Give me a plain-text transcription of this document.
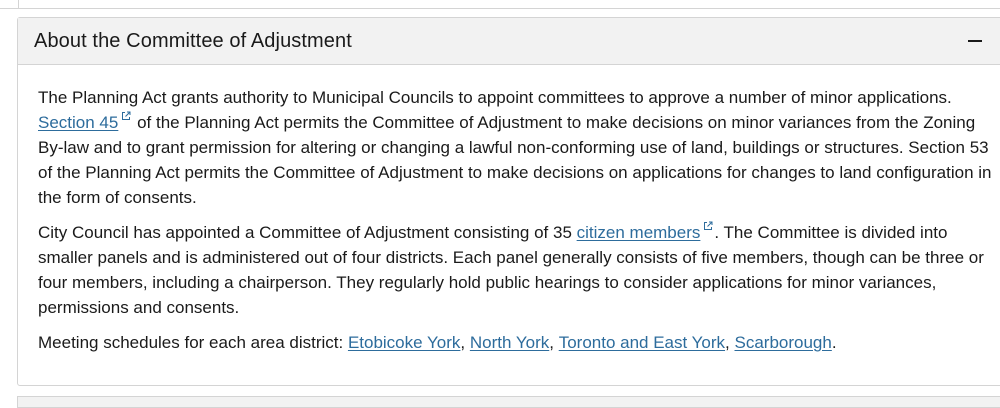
About the Committee of Adjustment

The Planning Act grants authority to Municipal Councils to appoint committees to approve a number of minor applications. Section 45
of the Planning Act permits the Committee of Adjustment to make decisions on minor variances from the Zoning By-law and to grant permission for altering or changing a lawful non-conforming use of land, buildings or structures. Section 53 of the Planning Act permits the Committee of Adjustment to make decisions on applications for changes to land configuration in the form of consents.

City Council has appointed a Committee of Adjustment consisting of 35 citizen members . The Committee is divided into smaller panels and is administered out of four districts. Each panel generally consists of five members, though can be three or four members, including a chairperson. They regularly hold public hearings to consider applications for minor variances, permissions and consents.

Meeting schedules for each area district: Etobicoke York, North York, Toronto and East York, Scarborough.
